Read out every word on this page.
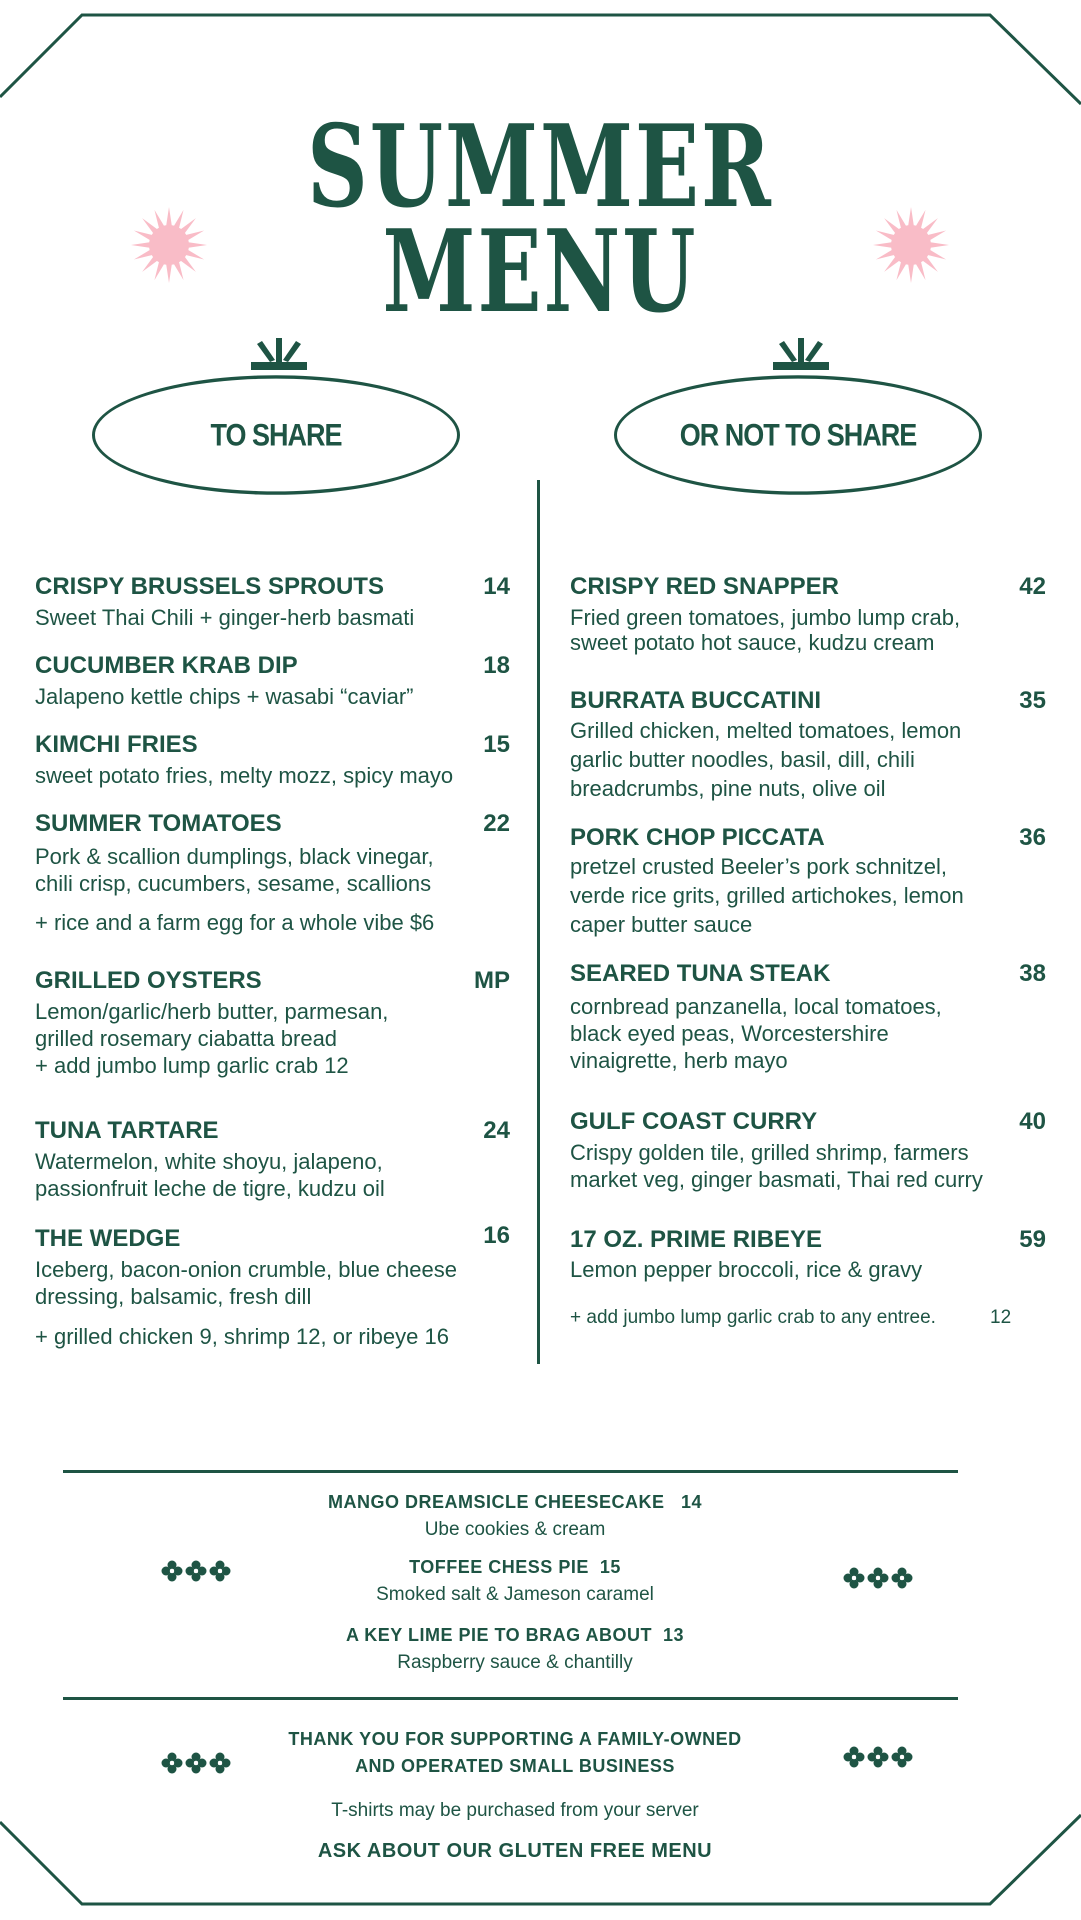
SUMMER
MENU
TO SHARE	OR NOT TO SHARE
CRISPY BRUSSELS SPROUTS	14
Sweet Thai Chili + ginger-herb basmati
CUCUMBER KRAB DIP	18
Jalapeno kettle chips + wasabi “caviar”
KIMCHI FRIES	15
sweet potato fries, melty mozz, spicy mayo
SUMMER TOMATOES	22
Pork & scallion dumplings, black vinegar,
chili crisp, cucumbers, sesame, scallions
+ rice and a farm egg for a whole vibe $6
GRILLED OYSTERS	MP
Lemon/garlic/herb butter, parmesan,
grilled rosemary ciabatta bread
+ add jumbo lump garlic crab 12
TUNA TARTARE	24
Watermelon, white shoyu, jalapeno,
passionfruit leche de tigre, kudzu oil
THE WEDGE	16
Iceberg, bacon-onion crumble, blue cheese
dressing, balsamic, fresh dill
+ grilled chicken 9, shrimp 12, or ribeye 16
CRISPY RED SNAPPER	42
Fried green tomatoes, jumbo lump crab,
sweet potato hot sauce, kudzu cream
BURRATA BUCCATINI	35
Grilled chicken, melted tomatoes, lemon
garlic butter noodles, basil, dill, chili
breadcrumbs, pine nuts, olive oil
PORK CHOP PICCATA	36
pretzel crusted Beeler’s pork schnitzel,
verde rice grits, grilled artichokes, lemon
caper butter sauce
SEARED TUNA STEAK	38
cornbread panzanella, local tomatoes,
black eyed peas, Worcestershire
vinaigrette, herb mayo
GULF COAST CURRY	40
Crispy golden tile, grilled shrimp, farmers
market veg, ginger basmati, Thai red curry
17 OZ. PRIME RIBEYE	59
Lemon pepper broccoli, rice & gravy
+ add jumbo lump garlic crab to any entree.	12
MANGO DREAMSICLE CHEESECAKE 14
Ube cookies & cream
TOFFEE CHESS PIE 15
Smoked salt & Jameson caramel
A KEY LIME PIE TO BRAG ABOUT 13
Raspberry sauce & chantilly
THANK YOU FOR SUPPORTING A FAMILY-OWNED
AND OPERATED SMALL BUSINESS
T-shirts may be purchased from your server
ASK ABOUT OUR GLUTEN FREE MENU
